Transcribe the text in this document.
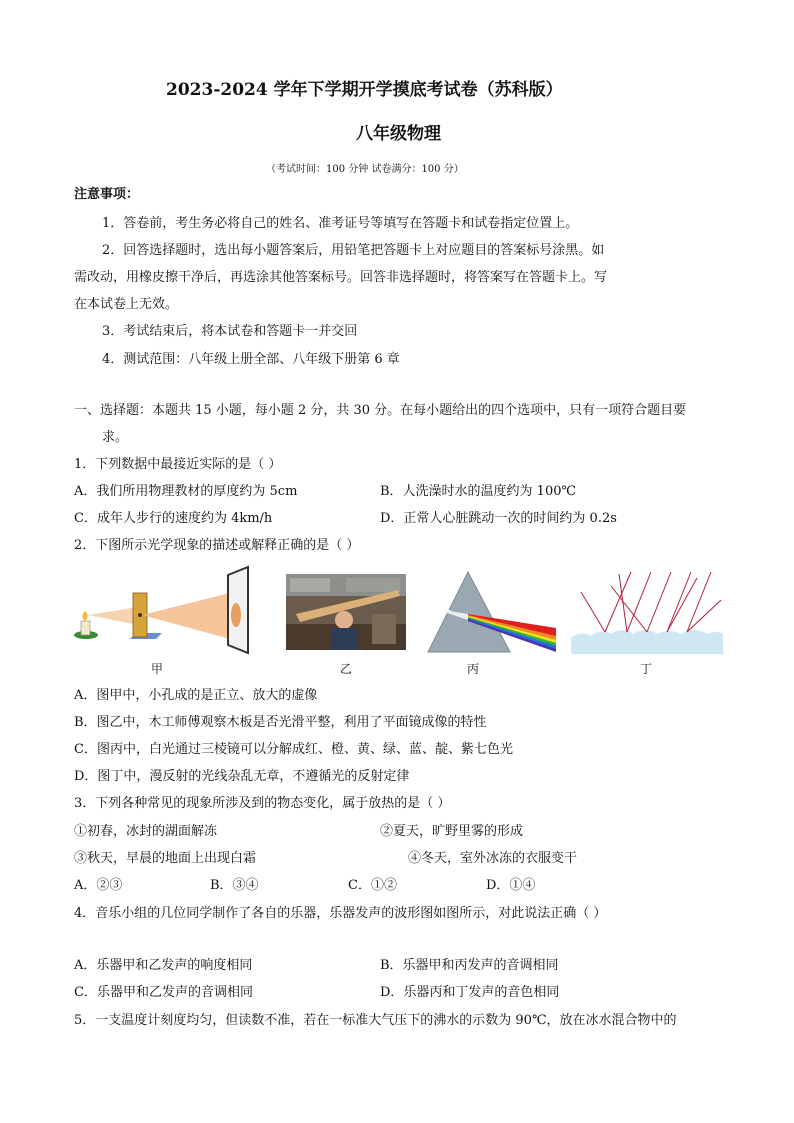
2023-2024 学年下学期开学摸底考试卷（苏科版）
八年级物理
（考试时间：100 分钟 试卷满分：100 分）
注意事项：
1．答卷前，考生务必将自己的姓名、准考证号等填写在答题卡和试卷指定位置上。
2．回答选择题时，选出每小题答案后，用铅笔把答题卡上对应题目的答案标号涂黑。如
需改动，用橡皮擦干净后，再选涂其他答案标号。回答非选择题时，将答案写在答题卡上。写
在本试卷上无效。
3．考试结束后，将本试卷和答题卡一并交回
4．测试范围：八年级上册全部、八年级下册第 6 章
一、选择题：本题共 15 小题，每小题 2 分，共 30 分。在每小题给出的四个选项中，只有一项符合题目要
求。
1．下列数据中最接近实际的是（ ）
A．我们所用物理教材的厚度约为 5cm	B．人洗澡时水的温度约为 100℃
C．成年人步行的速度约为 4km/h	D．正常人心脏跳动一次的时间约为 0.2s
2．下图所示光学现象的描述或解释正确的是（ ）
甲	乙	丙	丁
A．图甲中，小孔成的是正立、放大的虚像
B．图乙中，木工师傅观察木板是否光滑平整，利用了平面镜成像的特性
C．图丙中，白光通过三棱镜可以分解成红、橙、黄、绿、蓝、靛、紫七色光
D．图丁中，漫反射的光线杂乱无章，不遵循光的反射定律
3．下列各种常见的现象所涉及到的物态变化，属于放热的是（ ）
①初春，冰封的湖面解冻	②夏天，旷野里雾的形成
③秋天，早晨的地面上出现白霜	④冬天，室外冰冻的衣服变干
A．②③	B．③④	C．①②	D．①④
4．音乐小组的几位同学制作了各自的乐器，乐器发声的波形图如图所示，对此说法正确（ ）
A．乐器甲和乙发声的响度相同	B．乐器甲和丙发声的音调相同
C．乐器甲和乙发声的音调相同	D．乐器丙和丁发声的音色相同
5．一支温度计刻度均匀，但读数不准，若在一标准大气压下的沸水的示数为 90℃，放在冰水混合物中的
